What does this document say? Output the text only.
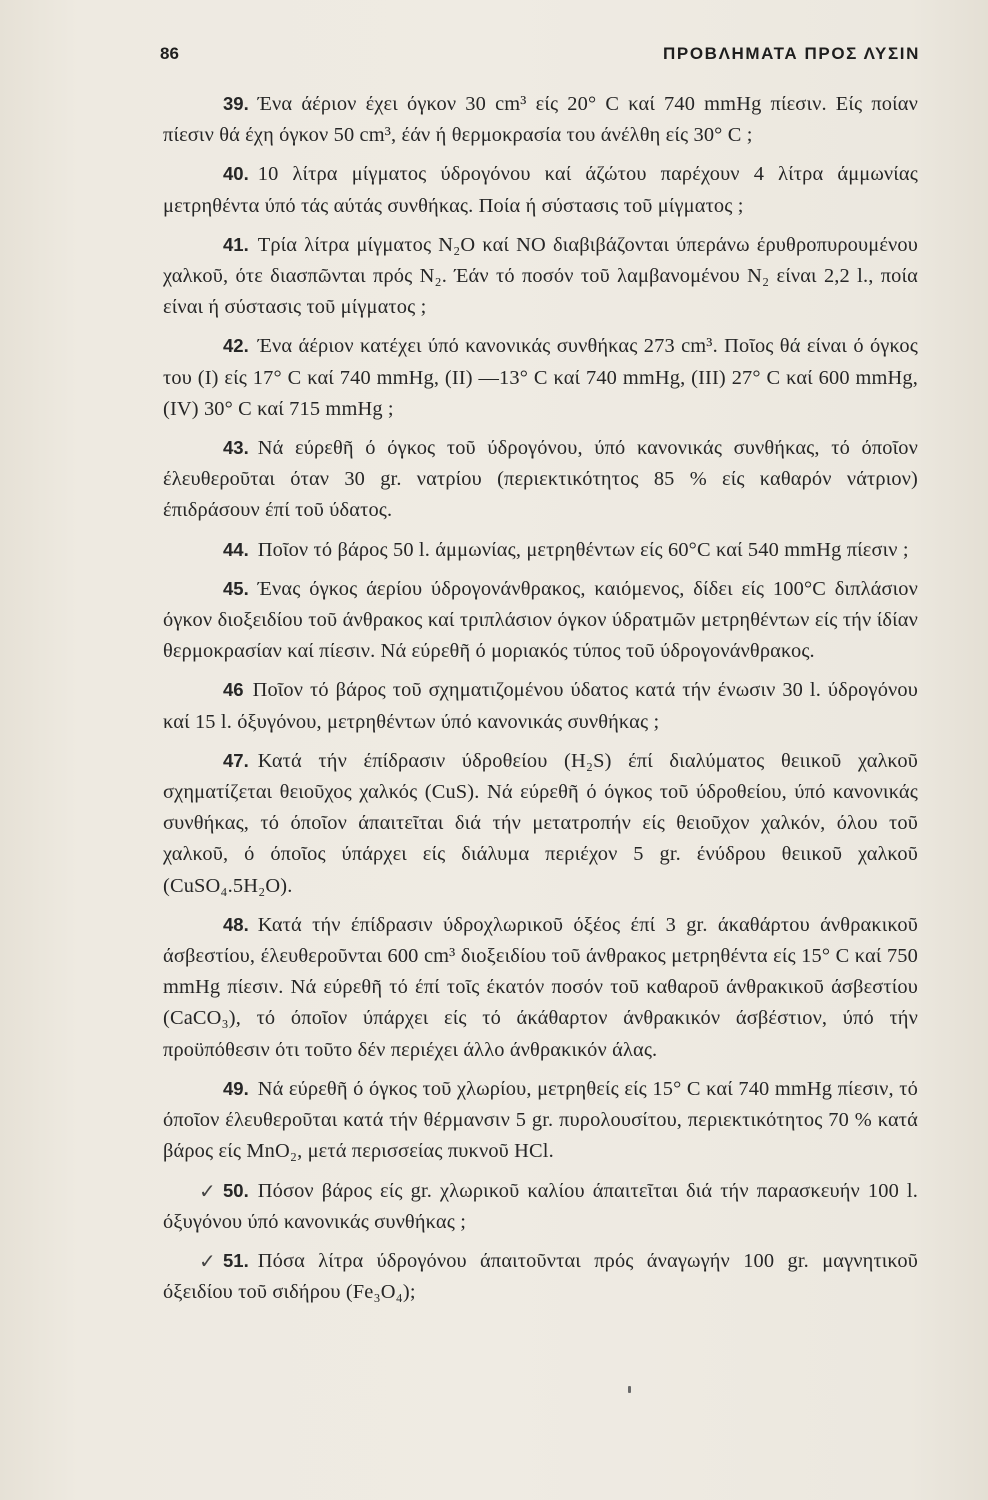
86	ΠΡΟΒΛΗΜΑΤΑ ΠΡΟΣ ΛΥΣΙΝ

39. Ένα άέριον έχει όγκον 30 cm³ είς 20° C καί 740 mmHg πίεσιν. Είς ποίαν πίεσιν θά έχη όγκον 50 cm³, έάν ή θερμοκρασία του άνέλθη είς 30° C ;

40. 10 λίτρα μίγματος ύδρογόνου καί άζώτου παρέχουν 4 λίτρα άμμωνίας μετρηθέντα ύπό τάς αύτάς συνθήκας. Ποία ή σύστασις τοῦ μίγματος ;

41. Τρία λίτρα μίγματος N₂O καί NO διαβιβάζονται ύπεράνω έρυθροπυρουμένου χαλκοῦ, ότε διασπῶνται πρός N₂. Έάν τό ποσόν τοῦ λαμβανομένου N₂ είναι 2,2 l., ποία είναι ή σύστασις τοῦ μίγματος ;

42. Ένα άέριον κατέχει ύπό κανονικάς συνθήκας 273 cm³. Ποῖος θά είναι ό όγκος του (I) είς 17° C καί 740 mmHg, (II) —13° C καί 740 mmHg, (III) 27° C καί 600 mmHg, (IV) 30° C καί 715 mmHg ;

43. Νά εύρεθῆ ό όγκος τοῦ ύδρογόνου, ύπό κανονικάς συνθήκας, τό όποῖον έλευθεροῦται όταν 30 gr. νατρίου (περιεκτικότητος 85 % είς καθαρόν νάτριον) έπιδράσουν έπί τοῦ ύδατος.

44. Ποῖον τό βάρος 50 l. άμμωνίας, μετρηθέντων είς 60°C καί 540 mmHg πίεσιν ;

45. Ένας όγκος άερίου ύδρογονάνθρακος, καιόμενος, δίδει είς 100°C διπλάσιον όγκον διοξειδίου τοῦ άνθρακος καί τριπλάσιον όγκον ύδρατμῶν μετρηθέντων είς τήν ίδίαν θερμοκρασίαν καί πίεσιν. Νά εύρεθῆ ό μοριακός τύπος τοῦ ύδρογονάνθρακος.

46 Ποῖον τό βάρος τοῦ σχηματιζομένου ύδατος κατά τήν ένωσιν 30 l. ύδρογόνου καί 15 l. όξυγόνου, μετρηθέντων ύπό κανονικάς συνθήκας ;

47. Κατά τήν έπίδρασιν ύδροθείου (H₂S) έπί διαλύματος θειικοῦ χαλκοῦ σχηματίζεται θειοῦχος χαλκός (CuS). Νά εύρεθῆ ό όγκος τοῦ ύδροθείου, ύπό κανονικάς συνθήκας, τό όποῖον άπαιτεῖται διά τήν μετατροπήν είς θειοῦχον χαλκόν, όλου τοῦ χαλκοῦ, ό όποῖος ύπάρχει είς διάλυμα περιέχον 5 gr. ένύδρου θειικοῦ χαλκοῦ (CuSO₄.5H₂O).

48. Κατά τήν έπίδρασιν ύδροχλωρικοῦ όξέος έπί 3 gr. άκαθάρτου άνθρακικοῦ άσβεστίου, έλευθεροῦνται 600 cm³ διοξειδίου τοῦ άνθρακος μετρηθέντα είς 15° C καί 750 mmHg πίεσιν. Νά εύρεθῆ τό έπί τοῖς έκατόν ποσόν τοῦ καθαροῦ άνθρακικοῦ άσβεστίου (CaCO₃), τό όποῖον ύπάρχει είς τό άκάθαρτον άνθρακικόν άσβέστιον, ύπό τήν προϋπόθεσιν ότι τοῦτο δέν περιέχει άλλο άνθρακικόν άλας.

49. Νά εύρεθῆ ό όγκος τοῦ χλωρίου, μετρηθείς είς 15° C καί 740 mmHg πίεσιν, τό όποῖον έλευθεροῦται κατά τήν θέρμανσιν 5 gr. πυρολουσίτου, περιεκτικότητος 70 % κατά βάρος είς MnO₂, μετά περισσείας πυκνοῦ HCl.

✓ 50. Πόσον βάρος είς gr. χλωρικοῦ καλίου άπαιτεῖται διά τήν παρασκευήν 100 l. όξυγόνου ύπό κανονικάς συνθήκας ;

✓ 51. Πόσα λίτρα ύδρογόνου άπαιτοῦνται πρός άναγωγήν 100 gr. μαγνητικοῦ όξειδίου τοῦ σιδήρου (Fe₃O₄);
